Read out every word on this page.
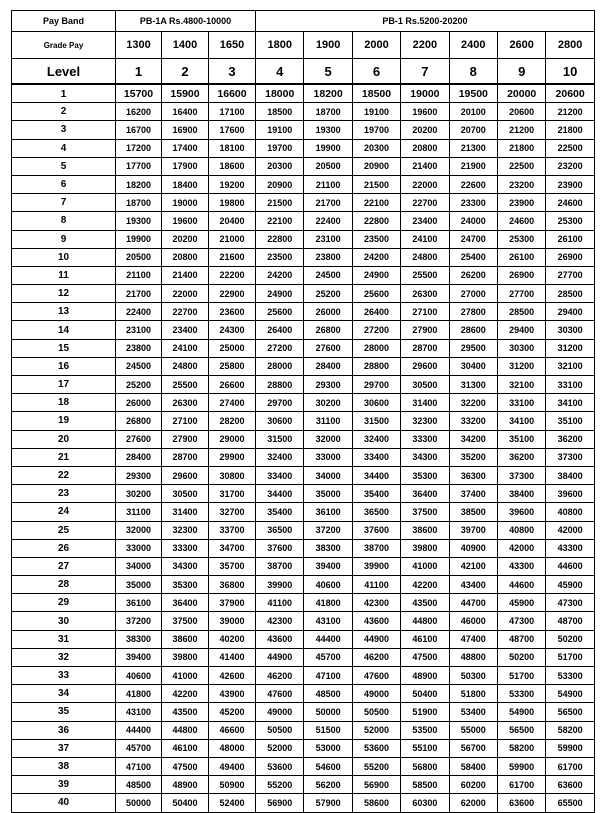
Pay Band	PB-1A Rs.4800-10000			PB-1 Rs.5200-20200						
Grade Pay	1300	1400	1650	1800	1900	2000	2200	2400	2600	2800
Level	1	2	3	4	5	6	7	8	9	10
1	15700	15900	16600	18000	18200	18500	19000	19500	20000	20600
2	16200	16400	17100	18500	18700	19100	19600	20100	20600	21200
3	16700	16900	17600	19100	19300	19700	20200	20700	21200	21800
4	17200	17400	18100	19700	19900	20300	20800	21300	21800	22500
5	17700	17900	18600	20300	20500	20900	21400	21900	22500	23200
6	18200	18400	19200	20900	21100	21500	22000	22600	23200	23900
7	18700	19000	19800	21500	21700	22100	22700	23300	23900	24600
8	19300	19600	20400	22100	22400	22800	23400	24000	24600	25300
9	19900	20200	21000	22800	23100	23500	24100	24700	25300	26100
10	20500	20800	21600	23500	23800	24200	24800	25400	26100	26900
11	21100	21400	22200	24200	24500	24900	25500	26200	26900	27700
12	21700	22000	22900	24900	25200	25600	26300	27000	27700	28500
13	22400	22700	23600	25600	26000	26400	27100	27800	28500	29400
14	23100	23400	24300	26400	26800	27200	27900	28600	29400	30300
15	23800	24100	25000	27200	27600	28000	28700	29500	30300	31200
16	24500	24800	25800	28000	28400	28800	29600	30400	31200	32100
17	25200	25500	26600	28800	29300	29700	30500	31300	32100	33100
18	26000	26300	27400	29700	30200	30600	31400	32200	33100	34100
19	26800	27100	28200	30600	31100	31500	32300	33200	34100	35100
20	27600	27900	29000	31500	32000	32400	33300	34200	35100	36200
21	28400	28700	29900	32400	33000	33400	34300	35200	36200	37300
22	29300	29600	30800	33400	34000	34400	35300	36300	37300	38400
23	30200	30500	31700	34400	35000	35400	36400	37400	38400	39600
24	31100	31400	32700	35400	36100	36500	37500	38500	39600	40800
25	32000	32300	33700	36500	37200	37600	38600	39700	40800	42000
26	33000	33300	34700	37600	38300	38700	39800	40900	42000	43300
27	34000	34300	35700	38700	39400	39900	41000	42100	43300	44600
28	35000	35300	36800	39900	40600	41100	42200	43400	44600	45900
29	36100	36400	37900	41100	41800	42300	43500	44700	45900	47300
30	37200	37500	39000	42300	43100	43600	44800	46000	47300	48700
31	38300	38600	40200	43600	44400	44900	46100	47400	48700	50200
32	39400	39800	41400	44900	45700	46200	47500	48800	50200	51700
33	40600	41000	42600	46200	47100	47600	48900	50300	51700	53300
34	41800	42200	43900	47600	48500	49000	50400	51800	53300	54900
35	43100	43500	45200	49000	50000	50500	51900	53400	54900	56500
36	44400	44800	46600	50500	51500	52000	53500	55000	56500	58200
37	45700	46100	48000	52000	53000	53600	55100	56700	58200	59900
38	47100	47500	49400	53600	54600	55200	56800	58400	59900	61700
39	48500	48900	50900	55200	56200	56900	58500	60200	61700	63600
40	50000	50400	52400	56900	57900	58600	60300	62000	63600	65500
